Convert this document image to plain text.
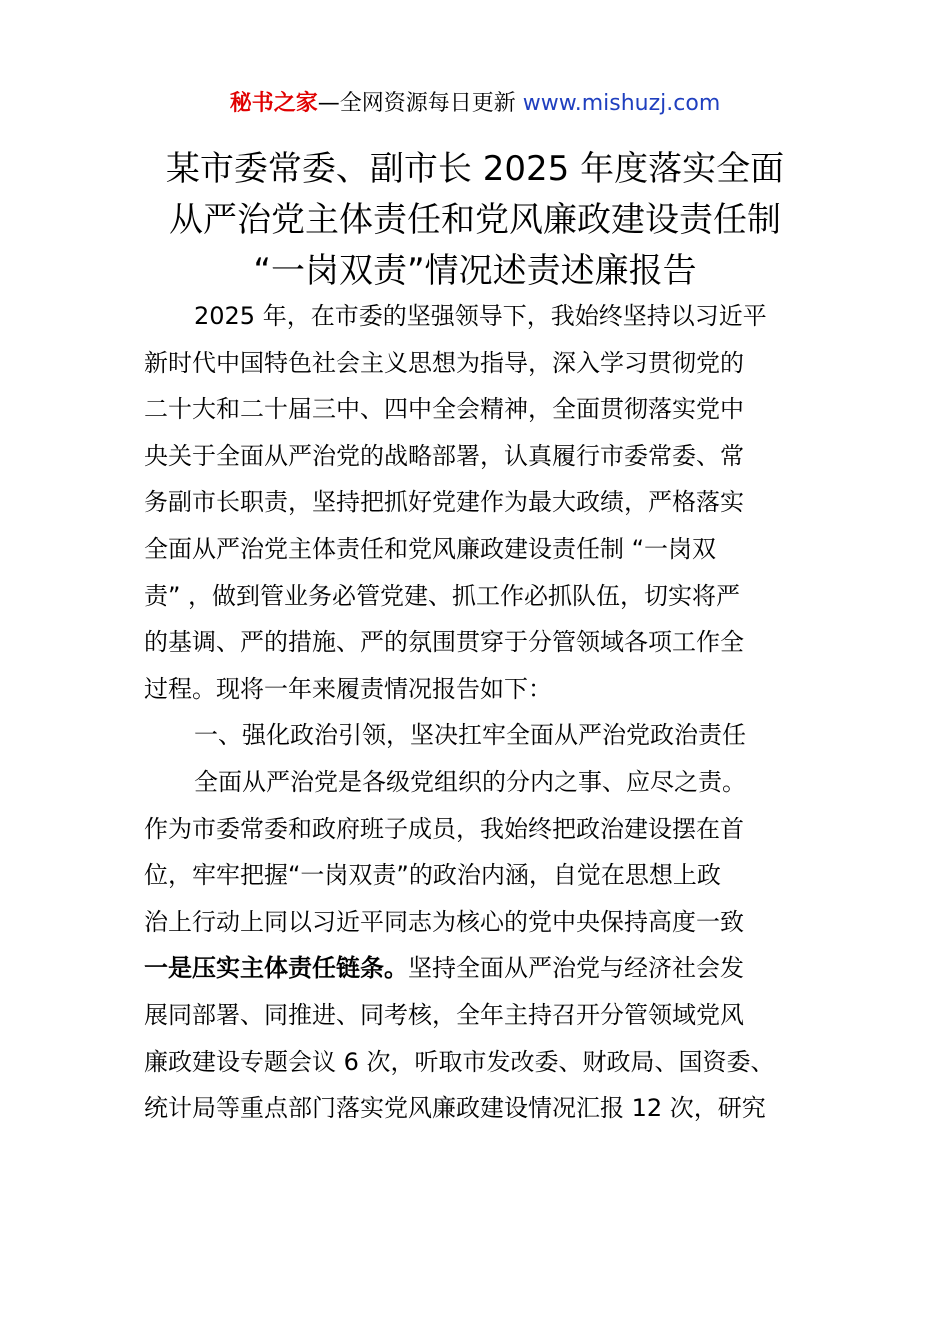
秘书之家—全网资源每日更新 www.mishuzj.com
某市委常委、副市长 2025 年度落实全面
从严治党主体责任和党风廉政建设责任制
“一岗双责”情况述责述廉报告
2025 年，在市委的坚强领导下，我始终坚持以习近平
新时代中国特色社会主义思想为指导，深入学习贯彻党的
二十大和二十届三中、四中全会精神，全面贯彻落实党中
央关于全面从严治党的战略部署，认真履行市委常委、常
务副市长职责，坚持把抓好党建作为最大政绩，严格落实
全面从严治党主体责任和党风廉政建设责任制 “一岗双
责” ，做到管业务必管党建、抓工作必抓队伍，切实将严
的基调、严的措施、严的氛围贯穿于分管领域各项工作全
过程。现将一年来履责情况报告如下：
一、强化政治引领，坚决扛牢全面从严治党政治责任
全面从严治党是各级党组织的分内之事、应尽之责。
作为市委常委和政府班子成员，我始终把政治建设摆在首
位，牢牢把握“一岗双责”的政治内涵，自觉在思想上政
治上行动上同以习近平同志为核心的党中央保持高度一致
一是压实主体责任链条。坚持全面从严治党与经济社会发
展同部署、同推进、同考核，全年主持召开分管领域党风
廉政建设专题会议 6 次，听取市发改委、财政局、国资委、
统计局等重点部门落实党风廉政建设情况汇报 12 次，研究
